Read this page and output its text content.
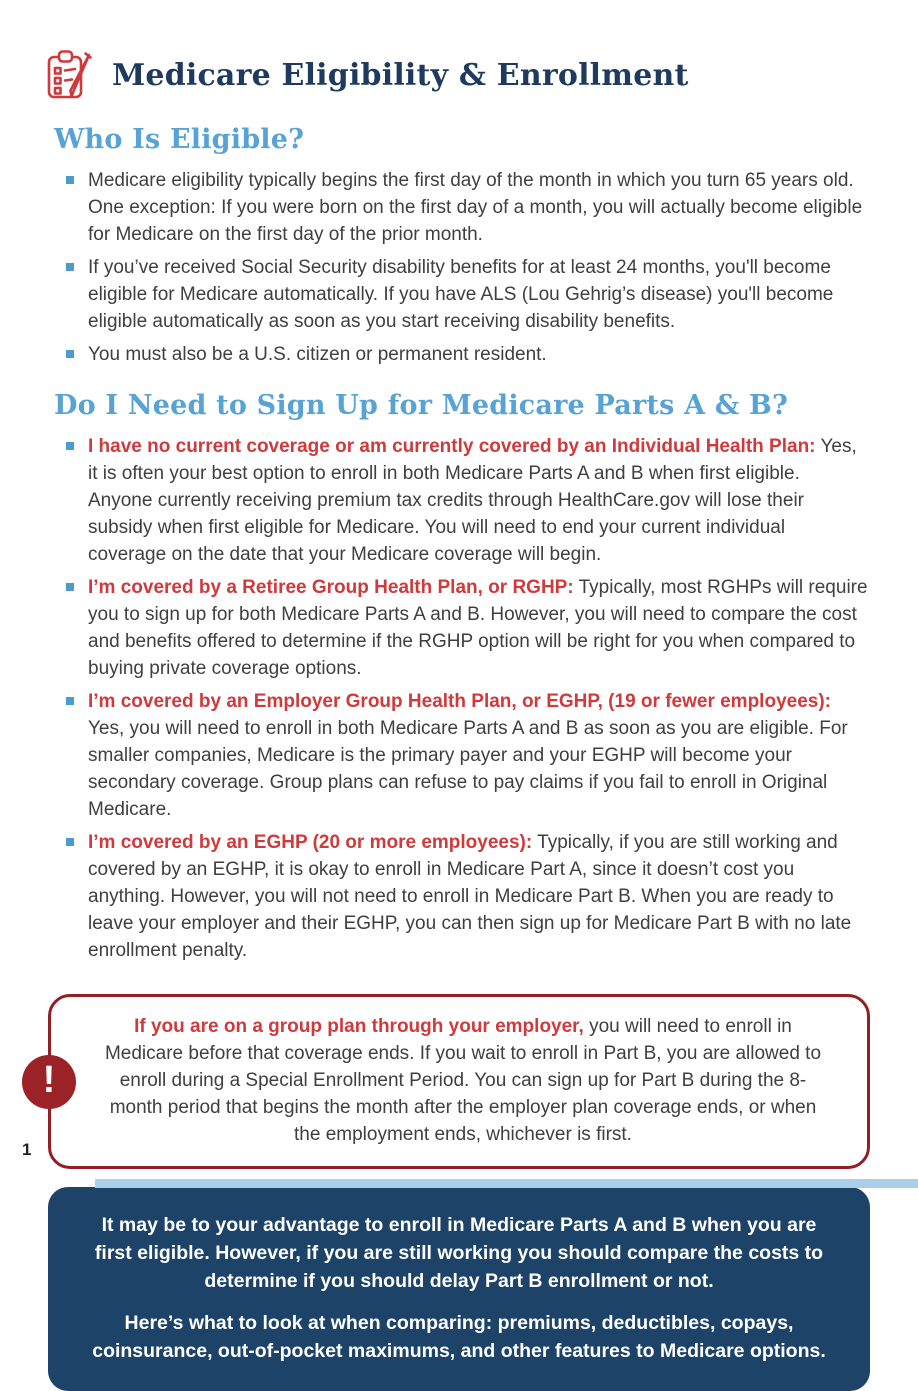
Medicare Eligibility & Enrollment
Who Is Eligible?
Medicare eligibility typically begins the first day of the month in which you turn 65 years old. One exception: If you were born on the first day of a month, you will actually become eligible for Medicare on the first day of the prior month.
If you’ve received Social Security disability benefits for at least 24 months, you'll become eligible for Medicare automatically. If you have ALS (Lou Gehrig’s disease) you'll become eligible automatically as soon as you start receiving disability benefits.
You must also be a U.S. citizen or permanent resident.
Do I Need to Sign Up for Medicare Parts A & B?
I have no current coverage or am currently covered by an Individual Health Plan: Yes, it is often your best option to enroll in both Medicare Parts A and B when first eligible. Anyone currently receiving premium tax credits through HealthCare.gov will lose their subsidy when first eligible for Medicare. You will need to end your current individual coverage on the date that your Medicare coverage will begin.
I’m covered by a Retiree Group Health Plan, or RGHP: Typically, most RGHPs will require you to sign up for both Medicare Parts A and B. However, you will need to compare the cost and benefits offered to determine if the RGHP option will be right for you when compared to buying private coverage options.
I’m covered by an Employer Group Health Plan, or EGHP, (19 or fewer employees): Yes, you will need to enroll in both Medicare Parts A and B as soon as you are eligible. For smaller companies, Medicare is the primary payer and your EGHP will become your secondary coverage. Group plans can refuse to pay claims if you fail to enroll in Original Medicare.
I’m covered by an EGHP (20 or more employees): Typically, if you are still working and covered by an EGHP, it is okay to enroll in Medicare Part A, since it doesn’t cost you anything. However, you will not need to enroll in Medicare Part B. When you are ready to leave your employer and their EGHP, you can then sign up for Medicare Part B with no late enrollment penalty.
!
If you are on a group plan through your employer, you will need to enroll in Medicare before that coverage ends. If you wait to enroll in Part B, you are allowed to enroll during a Special Enrollment Period. You can sign up for Part B during the 8-month period that begins the month after the employer plan coverage ends, or when the employment ends, whichever is first.

It may be to your advantage to enroll in Medicare Parts A and B when you are first eligible. However, if you are still working you should compare the costs to determine if you should delay Part B enrollment or not.

Here’s what to look at when comparing: premiums, deductibles, copays, coinsurance, out-of-pocket maximums, and other features to Medicare options.

1
